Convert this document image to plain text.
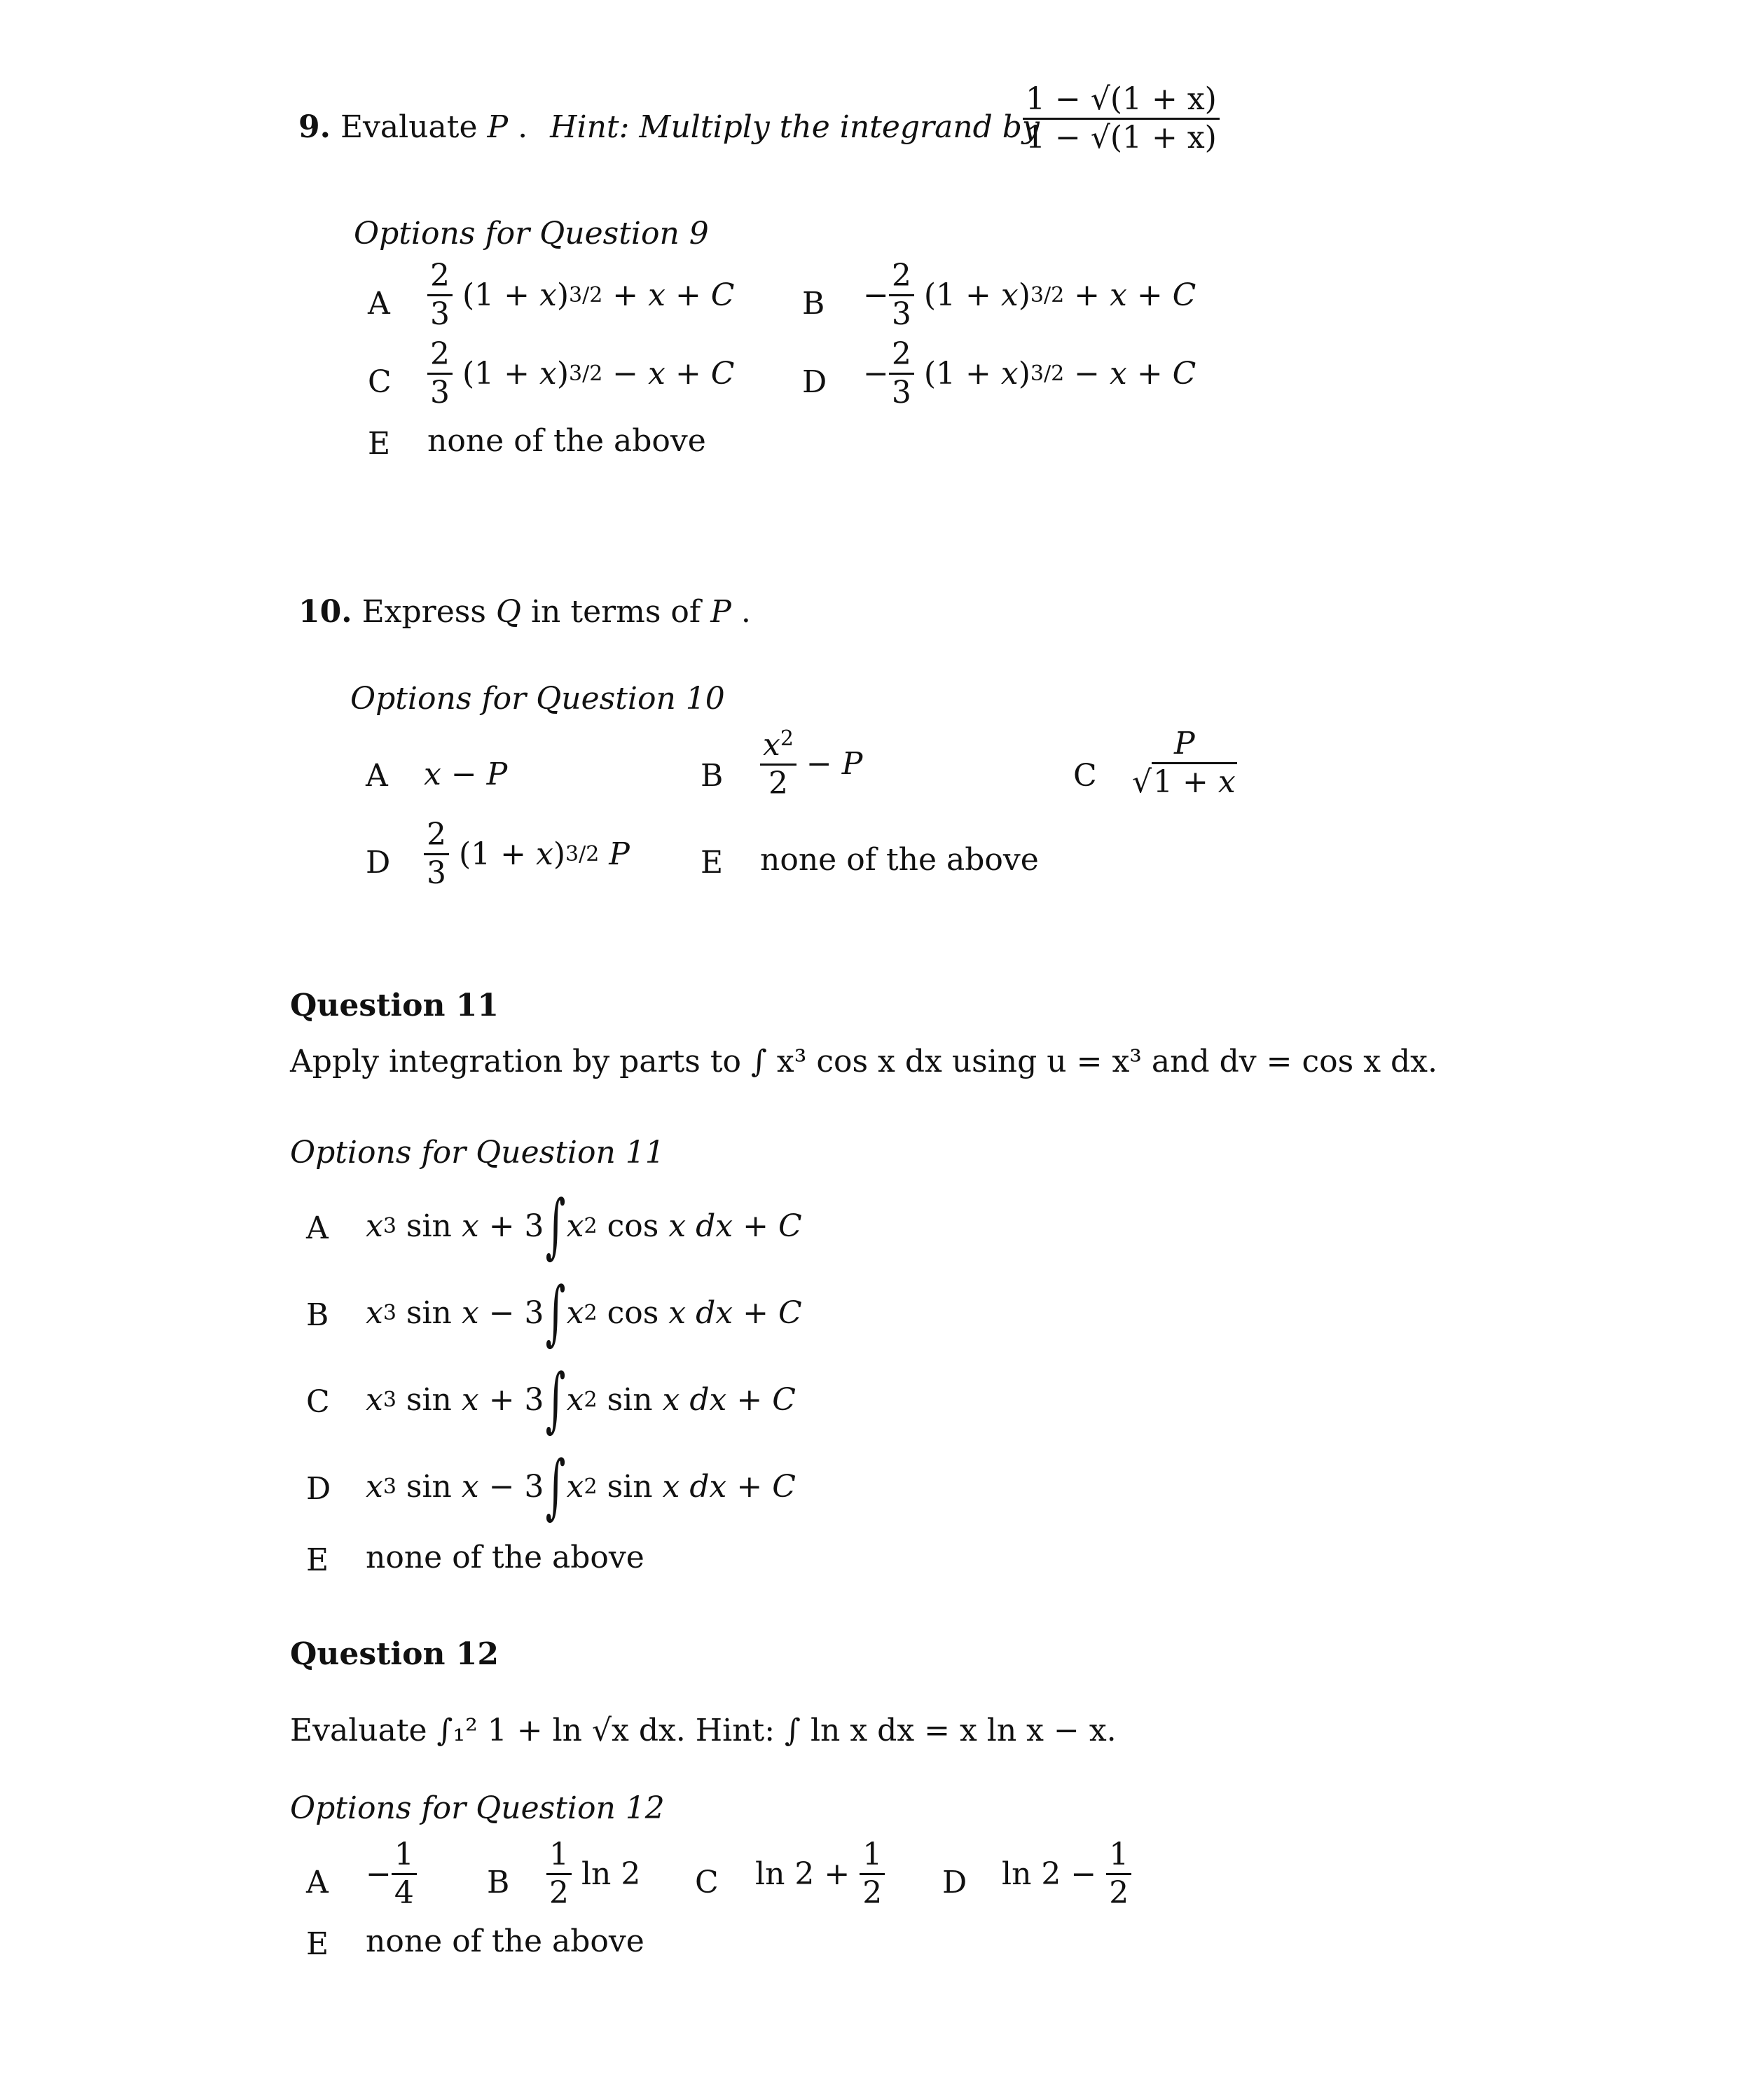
9. Evaluate P . Hint: Multiply the integrand by
$\frac{1 - √(1 + x)}{1 - √(1 + x)}$
Options for Question 9
A $\frac{2}{3} (1 + x) 3/2 + x + C$ $B - \frac{2}{3} (1 + x) 3/2 + x + C$
C $\frac{2}{3} (1 + x) 3/2 - x + C$ $D - \frac{2}{3} (1 + x) 3/2 - x + C$
E none of the above
10. Express Q in terms of P .
Options for Question 10
A x − P	B $\frac{x^2}{2} - P$	C $\frac{P}{√1 + x}$
D $\frac{2}{3} (1 + x)$ 3/2 P E none of the above
Question 11
Apply integration by parts to ∫ x³ cos x dx using u = x³ and dv = cos x dx.
Options for Question 11
A x 3 sin x + 3 ∫ x 2 cos x dx + C
B x 3 sin x − 3 ∫ x 2 cos x dx + C
C x 3 sin x + 3 ∫ x 2 sin x dx + C
D x 3 sin x − 3 ∫ x 2 sin x dx + C
E none of the above
Question 12
Evaluate ∫₁² 1 + ln √x dx. Hint: ∫ ln x dx = x ln x − x.
Options for Question 12
$A - \frac{1}{4}$ B $\frac{1}{2}$ ln 2 C $\ln 2 + \frac{1}{2}$ D $\ln 2 - \frac{1}{2}$
E none of the above
